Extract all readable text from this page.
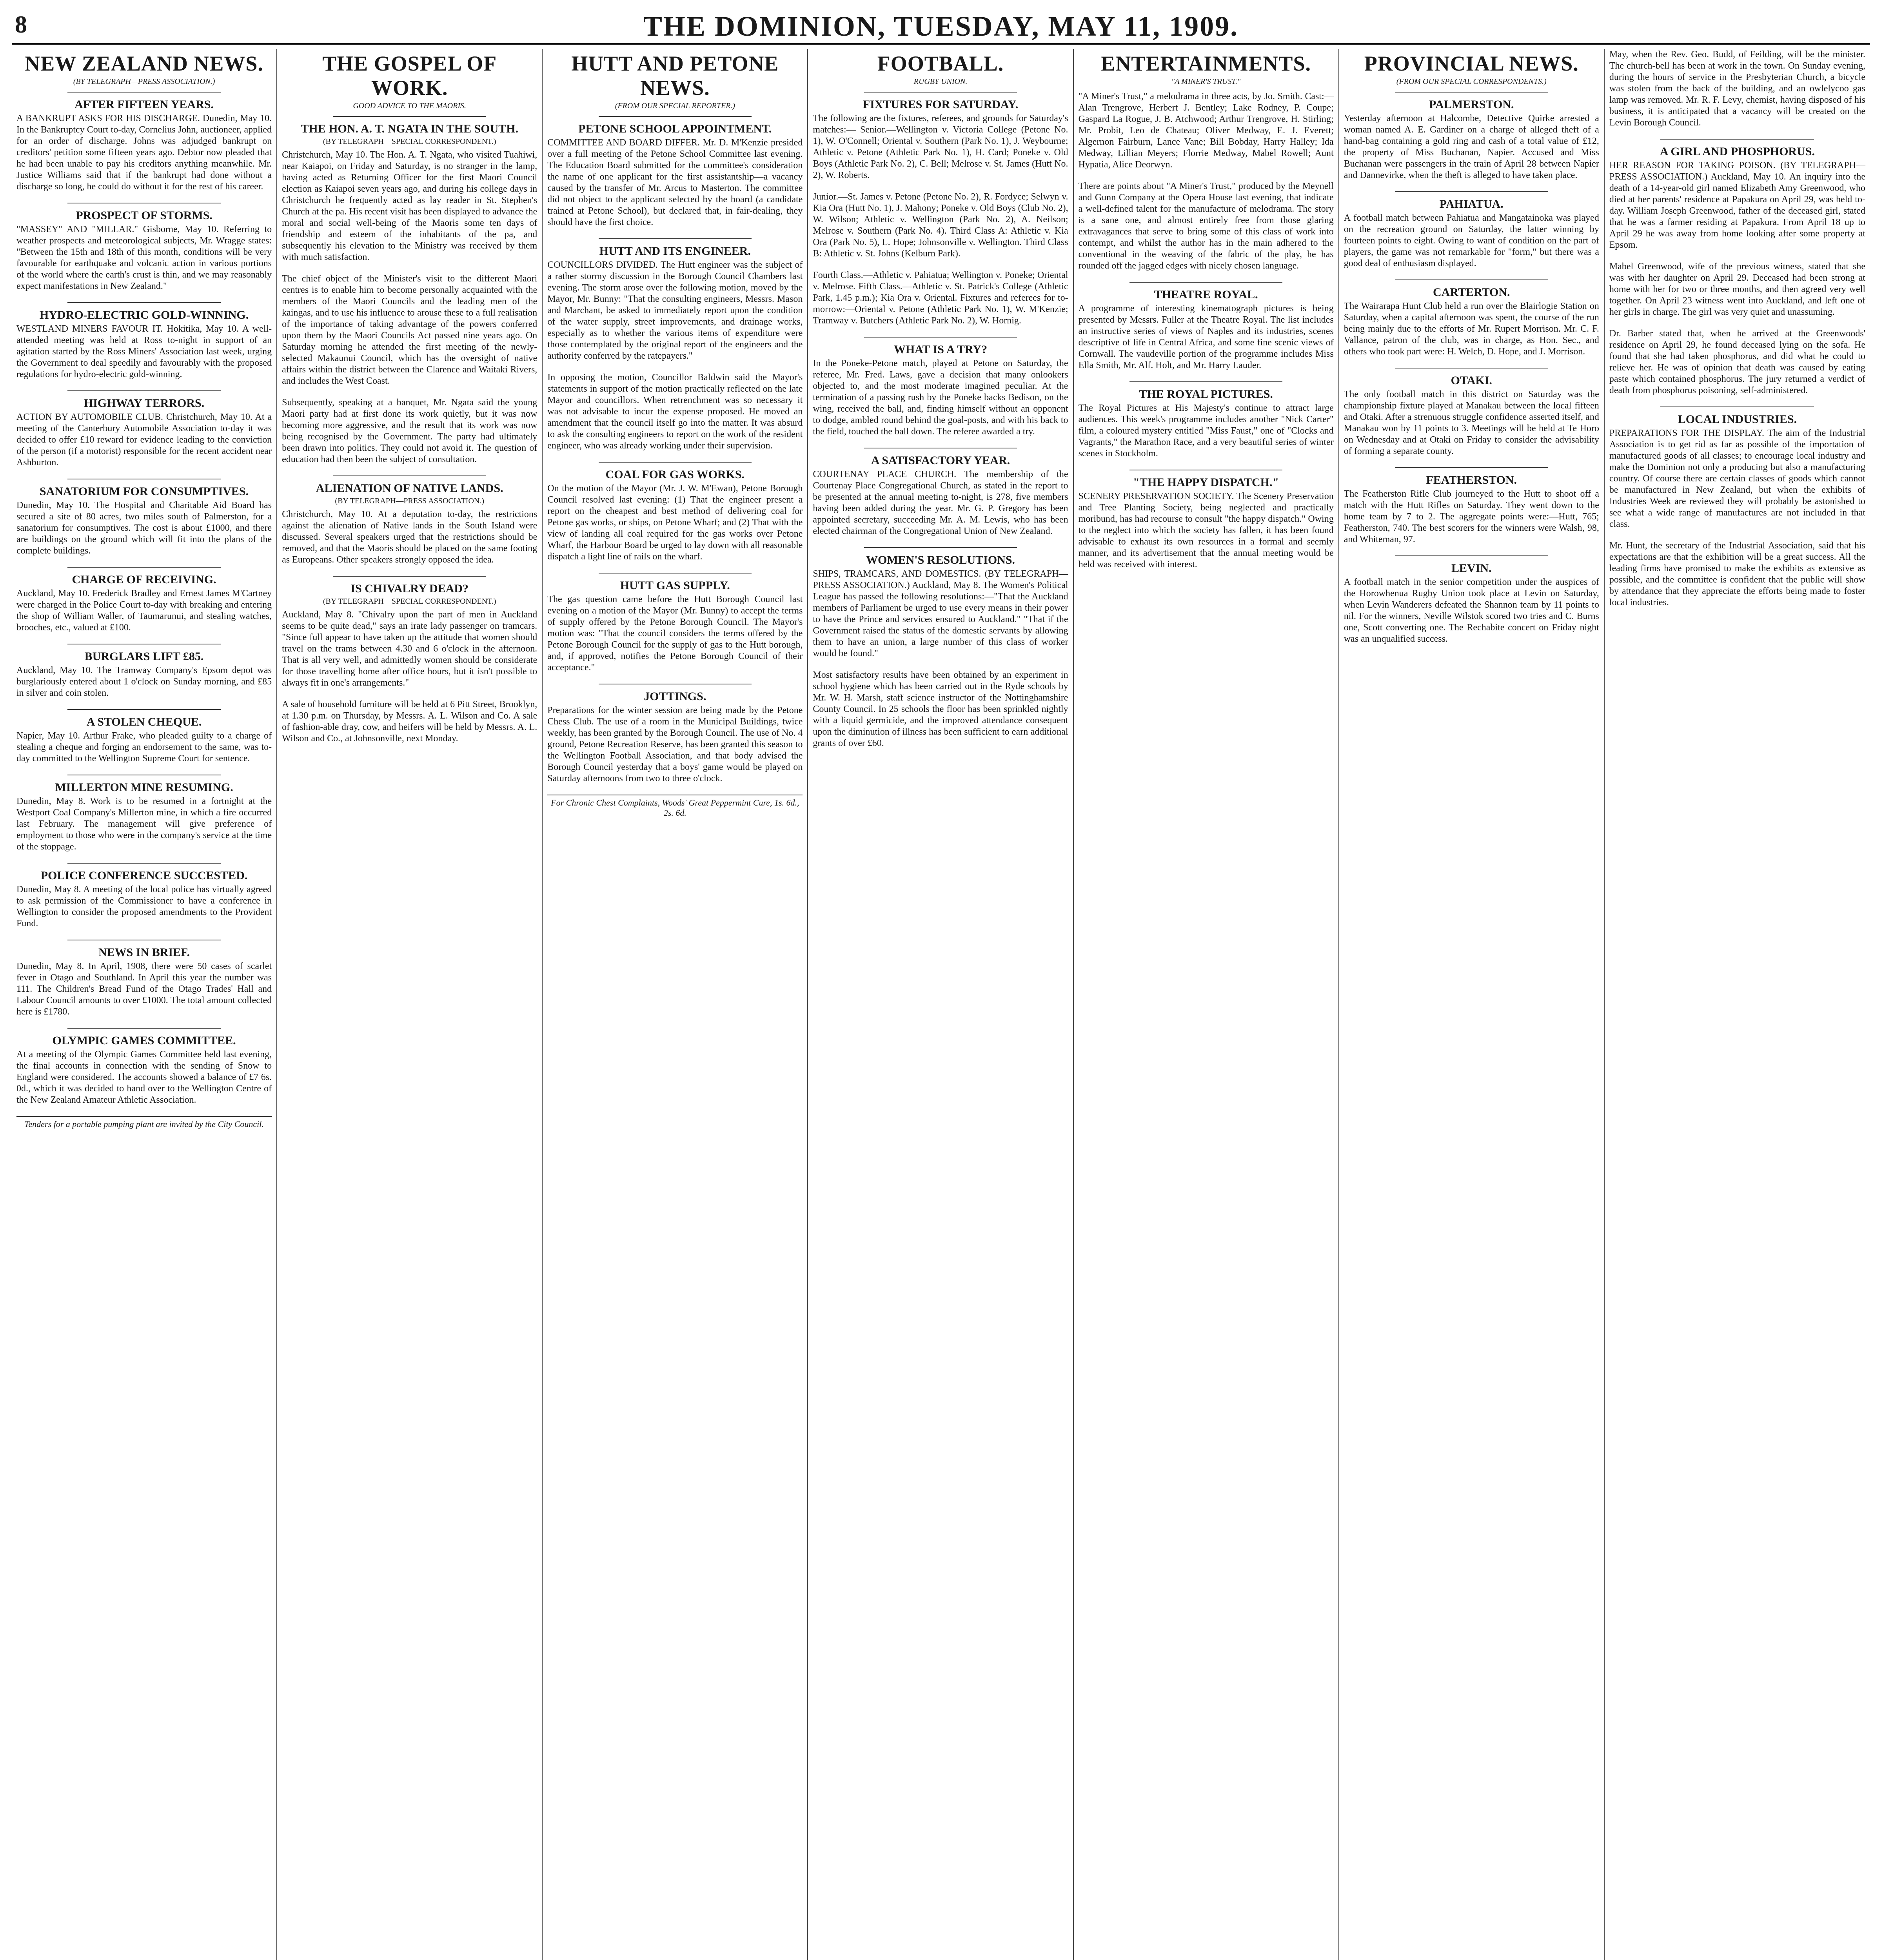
8	THE DOMINION, TUESDAY, MAY 11, 1909.
NEW ZEALAND NEWS.
(BY TELEGRAPH—PRESS ASSOCIATION.)
AFTER FIFTEEN YEARS.

A BANKRUPT ASKS FOR HIS DISCHARGE. Dunedin, May 10. In the Bankruptcy Court to-day, Cornelius John, auctioneer, applied for an order of discharge. Johns was adjudged bankrupt on creditors' petition some fifteen years ago. Debtor now pleaded that he had been unable to pay his creditors anything meanwhile. Mr. Justice Williams said that if the bankrupt had done without a discharge so long, he could do without it for the rest of his career.

PROSPECT OF STORMS.

"MASSEY" AND "MILLAR." Gisborne, May 10. Referring to weather prospects and meteorological subjects, Mr. Wragge states: "Between the 15th and 18th of this month, conditions will be very favourable for earthquake and volcanic action in various portions of the world where the earth's crust is thin, and we may reasonably expect manifestations in New Zealand."

HYDRO-ELECTRIC GOLD-WINNING.

WESTLAND MINERS FAVOUR IT. Hokitika, May 10. A well-attended meeting was held at Ross to-night in support of an agitation started by the Ross Miners' Association last week, urging the Government to deal speedily and favourably with the proposed regulations for hydro-electric gold-winning.

HIGHWAY TERRORS.

ACTION BY AUTOMOBILE CLUB. Christchurch, May 10. At a meeting of the Canterbury Automobile Association to-day it was decided to offer £10 reward for evidence leading to the conviction of the person (if a motorist) responsible for the recent accident near Ashburton.

SANATORIUM FOR CONSUMPTIVES.

Dunedin, May 10. The Hospital and Charitable Aid Board has secured a site of 80 acres, two miles south of Palmerston, for a sanatorium for consumptives. The cost is about £1000, and there are buildings on the ground which will fit into the plans of the complete buildings.

CHARGE OF RECEIVING.

Auckland, May 10. Frederick Bradley and Ernest James M'Cartney were charged in the Police Court to-day with breaking and entering the shop of William Waller, of Taumarunui, and stealing watches, brooches, etc., valued at £100.

BURGLARS LIFT £85.

Auckland, May 10. The Tramway Company's Epsom depot was burglariously entered about 1 o'clock on Sunday morning, and £85 in silver and coin stolen.

A STOLEN CHEQUE.

Napier, May 10. Arthur Frake, who pleaded guilty to a charge of stealing a cheque and forging an endorsement to the same, was to-day committed to the Wellington Supreme Court for sentence.

MILLERTON MINE RESUMING.

Dunedin, May 8. Work is to be resumed in a fortnight at the Westport Coal Company's Millerton mine, in which a fire occurred last February. The management will give preference of employment to those who were in the company's service at the time of the stoppage.

POLICE CONFERENCE SUCCESTED.

Dunedin, May 8. A meeting of the local police has virtually agreed to ask permission of the Commissioner to have a conference in Wellington to consider the proposed amendments to the Provident Fund.

NEWS IN BRIEF.

Dunedin, May 8. In April, 1908, there were 50 cases of scarlet fever in Otago and Southland. In April this year the number was 111. The Children's Bread Fund of the Otago Trades' Hall and Labour Council amounts to over £1000. The total amount collected here is £1780.

OLYMPIC GAMES COMMITTEE.

At a meeting of the Olympic Games Committee held last evening, the final accounts in connection with the sending of Snow to England were considered. The accounts showed a balance of £7 6s. 0d., which it was decided to hand over to the Wellington Centre of the New Zealand Amateur Athletic Association.

Tenders for a portable pumping plant are invited by the City Council.
THE GOSPEL OF WORK.
GOOD ADVICE TO THE MAORIS.
THE HON. A. T. NGATA IN THE SOUTH.
(BY TELEGRAPH—SPECIAL CORRESPONDENT.)

Christchurch, May 10. The Hon. A. T. Ngata, who visited Tuahiwi, near Kaiapoi, on Friday and Saturday, is no stranger in the lamp, having acted as Returning Officer for the first Maori Council election as Kaiapoi seven years ago, and during his college days in Christchurch he frequently acted as lay reader in St. Stephen's Church at the pa. His recent visit has been displayed to advance the moral and social well-being of the Maoris some ten days of friendship and esteem of the inhabitants of the pa, and subsequently his elevation to the Ministry was received by them with much satisfaction.

The chief object of the Minister's visit to the different Maori centres is to enable him to become personally acquainted with the members of the Maori Councils and the leading men of the kaingas, and to use his influence to arouse these to a full realisation of the importance of taking advantage of the powers conferred upon them by the Maori Councils Act passed nine years ago. On Saturday morning he attended the first meeting of the newly-selected Makaunui Council, which has the oversight of native affairs within the district between the Clarence and Waitaki Rivers, and includes the West Coast.

Subsequently, speaking at a banquet, Mr. Ngata said the young Maori party had at first done its work quietly, but it was now becoming more aggressive, and the result that its work was now being recognised by the Government. The party had ultimately been drawn into politics. They could not avoid it. The question of education had then been the subject of consultation.

ALIENATION OF NATIVE LANDS.
(BY TELEGRAPH—PRESS ASSOCIATION.)

Christchurch, May 10. At a deputation to-day, the restrictions against the alienation of Native lands in the South Island were discussed. Several speakers urged that the restrictions should be removed, and that the Maoris should be placed on the same footing as Europeans. Other speakers strongly opposed the idea.

IS CHIVALRY DEAD?
(BY TELEGRAPH—SPECIAL CORRESPONDENT.)

Auckland, May 8. "Chivalry upon the part of men in Auckland seems to be quite dead," says an irate lady passenger on tramcars. "Since full appear to have taken up the attitude that women should travel on the trams between 4.30 and 6 o'clock in the afternoon. That is all very well, and admittedly women should be considerate for those travelling home after office hours, but it isn't possible to always fit in one's arrangements."

A sale of household furniture will be held at 6 Pitt Street, Brooklyn, at 1.30 p.m. on Thursday, by Messrs. A. L. Wilson and Co. A sale of fashion-able dray, cow, and heifers will be held by Messrs. A. L. Wilson and Co., at Johnsonville, next Monday.

HUTT AND PETONE NEWS.
(FROM OUR SPECIAL REPORTER.)
PETONE SCHOOL APPOINTMENT.

COMMITTEE AND BOARD DIFFER. Mr. D. M'Kenzie presided over a full meeting of the Petone School Committee last evening. The Education Board submitted for the committee's consideration the name of one applicant for the first assistantship—a vacancy caused by the transfer of Mr. Arcus to Masterton. The committee did not object to the applicant selected by the board (a candidate trained at Petone School), but declared that, in fair-dealing, they should have the first choice.

HUTT AND ITS ENGINEER.

COUNCILLORS DIVIDED. The Hutt engineer was the subject of a rather stormy discussion in the Borough Council Chambers last evening. The storm arose over the following motion, moved by the Mayor, Mr. Bunny: "That the consulting engineers, Messrs. Mason and Marchant, be asked to immediately report upon the condition of the water supply, street improvements, and drainage works, especially as to whether the various items of expenditure were those contemplated by the original report of the engineers and the authority conferred by the ratepayers."

In opposing the motion, Councillor Baldwin said the Mayor's statements in support of the motion practically reflected on the late Mayor and councillors. When retrenchment was so necessary it was not advisable to incur the expense proposed. He moved an amendment that the council itself go into the matter. It was absurd to ask the consulting engineers to report on the work of the resident engineer, who was already working under their supervision.

COAL FOR GAS WORKS.

On the motion of the Mayor (Mr. J. W. M'Ewan), Petone Borough Council resolved last evening: (1) That the engineer present a report on the cheapest and best method of delivering coal for Petone gas works, or ships, on Petone Wharf; and (2) That with the view of landing all coal required for the gas works over Petone Wharf, the Harbour Board be urged to lay down with all reasonable dispatch a light line of rails on the wharf.

HUTT GAS SUPPLY.

The gas question came before the Hutt Borough Council last evening on a motion of the Mayor (Mr. Bunny) to accept the terms of supply offered by the Petone Borough Council. The Mayor's motion was: "That the council considers the terms offered by the Petone Borough Council for the supply of gas to the Hutt borough, and, if approved, notifies the Petone Borough Council of their acceptance."

JOTTINGS.

Preparations for the winter session are being made by the Petone Chess Club. The use of a room in the Municipal Buildings, twice weekly, has been granted by the Borough Council. The use of No. 4 ground, Petone Recreation Reserve, has been granted this season to the Wellington Football Association, and that body advised the Borough Council yesterday that a boys' game would be played on Saturday afternoons from two to three o'clock.

For Chronic Chest Complaints, Woods' Great Peppermint Cure, 1s. 6d., 2s. 6d.
FOOTBALL.
RUGBY UNION.
FIXTURES FOR SATURDAY.

The following are the fixtures, referees, and grounds for Saturday's matches:— Senior.—Wellington v. Victoria College (Petone No. 1), W. O'Connell; Oriental v. Southern (Park No. 1), J. Weybourne; Athletic v. Petone (Athletic Park No. 1), H. Card; Poneke v. Old Boys (Athletic Park No. 2), C. Bell; Melrose v. St. James (Hutt No. 2), W. Roberts.

Junior.—St. James v. Petone (Petone No. 2), R. Fordyce; Selwyn v. Kia Ora (Hutt No. 1), J. Mahony; Poneke v. Old Boys (Club No. 2), W. Wilson; Athletic v. Wellington (Park No. 2), A. Neilson; Melrose v. Southern (Park No. 4). Third Class A: Athletic v. Kia Ora (Park No. 5), L. Hope; Johnsonville v. Wellington. Third Class B: Athletic v. St. Johns (Kelburn Park).

Fourth Class.—Athletic v. Pahiatua; Wellington v. Poneke; Oriental v. Melrose. Fifth Class.—Athletic v. St. Patrick's College (Athletic Park, 1.45 p.m.); Kia Ora v. Oriental. Fixtures and referees for to-morrow:—Oriental v. Petone (Athletic Park No. 1), W. M'Kenzie; Tramway v. Butchers (Athletic Park No. 2), W. Hornig.

WHAT IS A TRY?

In the Poneke-Petone match, played at Petone on Saturday, the referee, Mr. Fred. Laws, gave a decision that many onlookers objected to, and the most moderate imagined peculiar. At the termination of a passing rush by the Poneke backs Bedison, on the wing, received the ball, and, finding himself without an opponent to dodge, ambled round behind the goal-posts, and with his back to the field, touched the ball down. The referee awarded a try.

A SATISFACTORY YEAR.

COURTENAY PLACE CHURCH. The membership of the Courtenay Place Congregational Church, as stated in the report to be presented at the annual meeting to-night, is 278, five members having been added during the year. Mr. G. P. Gregory has been appointed secretary, succeeding Mr. A. M. Lewis, who has been elected chairman of the Congregational Union of New Zealand.

WOMEN'S RESOLUTIONS.

SHIPS, TRAMCARS, AND DOMESTICS. (BY TELEGRAPH—PRESS ASSOCIATION.) Auckland, May 8. The Women's Political League has passed the following resolutions:—"That the Auckland members of Parliament be urged to use every means in their power to have the Prince and services ensured to Auckland." "That if the Government raised the status of the domestic servants by allowing them to have an union, a large number of this class of worker would be found."

Most satisfactory results have been obtained by an experiment in school hygiene which has been carried out in the Ryde schools by Mr. W. H. Marsh, staff science instructor of the Nottinghamshire County Council. In 25 schools the floor has been sprinkled nightly with a liquid germicide, and the improved attendance consequent upon the diminution of illness has been sufficient to earn additional grants of over £60.

ENTERTAINMENTS.
"A MINER'S TRUST."

"A Miner's Trust," a melodrama in three acts, by Jo. Smith. Cast:— Alan Trengrove, Herbert J. Bentley; Lake Rodney, P. Coupe; Gaspard La Rogue, J. B. Atchwood; Arthur Trengrove, H. Stirling; Mr. Probit, Leo de Chateau; Oliver Medway, E. J. Everett; Algernon Fairburn, Lance Vane; Bill Bobday, Harry Halley; Ida Medway, Lillian Meyers; Florrie Medway, Mabel Rowell; Aunt Hypatia, Alice Deorwyn.

There are points about "A Miner's Trust," produced by the Meynell and Gunn Company at the Opera House last evening, that indicate a well-defined talent for the manufacture of melodrama. The story is a sane one, and almost entirely free from those glaring extravagances that serve to bring some of this class of work into contempt, and whilst the author has in the main adhered to the conventional in the weaving of the fabric of the play, he has rounded off the jagged edges with nicely chosen language.

THEATRE ROYAL.

A programme of interesting kinematograph pictures is being presented by Messrs. Fuller at the Theatre Royal. The list includes an instructive series of views of Naples and its industries, scenes descriptive of life in Central Africa, and some fine scenic views of Cornwall. The vaudeville portion of the programme includes Miss Ella Smith, Mr. Alf. Holt, and Mr. Harry Lauder.

THE ROYAL PICTURES.

The Royal Pictures at His Majesty's continue to attract large audiences. This week's programme includes another "Nick Carter" film, a coloured mystery entitled "Miss Faust," one of "Clocks and Vagrants," the Marathon Race, and a very beautiful series of winter scenes in Stockholm.

"THE HAPPY DISPATCH."

SCENERY PRESERVATION SOCIETY. The Scenery Preservation and Tree Planting Society, being neglected and practically moribund, has had recourse to consult "the happy dispatch." Owing to the neglect into which the society has fallen, it has been found advisable to exhaust its own resources in a formal and seemly manner, and its advertisement that the annual meeting would be held was received with interest.

PROVINCIAL NEWS.
(FROM OUR SPECIAL CORRESPONDENTS.)
PALMERSTON.

Yesterday afternoon at Halcombe, Detective Quirke arrested a woman named A. E. Gardiner on a charge of alleged theft of a hand-bag containing a gold ring and cash of a total value of £12, the property of Miss Buchanan, Napier. Accused and Miss Buchanan were passengers in the train of April 28 between Napier and Dannevirke, when the theft is alleged to have taken place.

PAHIATUA.

A football match between Pahiatua and Mangatainoka was played on the recreation ground on Saturday, the latter winning by fourteen points to eight. Owing to want of condition on the part of players, the game was not remarkable for "form," but there was a good deal of enthusiasm displayed.

CARTERTON.

The Wairarapa Hunt Club held a run over the Blairlogie Station on Saturday, when a capital afternoon was spent, the course of the run being mainly due to the efforts of Mr. Rupert Morrison. Mr. C. F. Vallance, patron of the club, was in charge, as Hon. Sec., and others who took part were: H. Welch, D. Hope, and J. Morrison.

OTAKI.

The only football match in this district on Saturday was the championship fixture played at Manakau between the local fifteen and Otaki. After a strenuous struggle confidence asserted itself, and Manakau won by 11 points to 3. Meetings will be held at Te Horo on Wednesday and at Otaki on Friday to consider the advisability of forming a separate county.

FEATHERSTON.

The Featherston Rifle Club journeyed to the Hutt to shoot off a match with the Hutt Rifles on Saturday. They went down to the home team by 7 to 2. The aggregate points were:—Hutt, 765; Featherston, 740. The best scorers for the winners were Walsh, 98, and Whiteman, 97.

LEVIN.

A football match in the senior competition under the auspices of the Horowhenua Rugby Union took place at Levin on Saturday, when Levin Wanderers defeated the Shannon team by 11 points to nil. For the winners, Neville Wilstok scored two tries and C. Burns one, Scott converting one. The Rechabite concert on Friday night was an unqualified success.

May, when the Rev. Geo. Budd, of Feilding, will be the minister. The church-bell has been at work in the town. On Sunday evening, during the hours of service in the Presbyterian Church, a bicycle was stolen from the back of the building, and an owlelycoo gas lamp was removed. Mr. R. F. Levy, chemist, having disposed of his business, it is anticipated that a vacancy will be created on the Levin Borough Council.

A GIRL AND PHOSPHORUS.

HER REASON FOR TAKING POISON. (BY TELEGRAPH—PRESS ASSOCIATION.) Auckland, May 10. An inquiry into the death of a 14-year-old girl named Elizabeth Amy Greenwood, who died at her parents' residence at Papakura on April 29, was held to-day. William Joseph Greenwood, father of the deceased girl, stated that he was a farmer residing at Papakura. From April 18 up to April 29 he was away from home looking after some property at Epsom.

Mabel Greenwood, wife of the previous witness, stated that she was with her daughter on April 29. Deceased had been strong at home with her for two or three months, and then agreed very well together. On April 23 witness went into Auckland, and left one of her girls in charge. The girl was very quiet and unassuming.

Dr. Barber stated that, when he arrived at the Greenwoods' residence on April 29, he found deceased lying on the sofa. He found that she had taken phosphorus, and did what he could to relieve her. He was of opinion that death was caused by eating paste which contained phosphorus. The jury returned a verdict of death from phosphorus poisoning, self-administered.

LOCAL INDUSTRIES.

PREPARATIONS FOR THE DISPLAY. The aim of the Industrial Association is to get rid as far as possible of the importation of manufactured goods of all classes; to encourage local industry and make the Dominion not only a producing but also a manufacturing country. Of course there are certain classes of goods which cannot be manufactured in New Zealand, but when the exhibits of Industries Week are reviewed they will probably be astonished to see what a wide range of manufactures are not included in that class.

Mr. Hunt, the secretary of the Industrial Association, said that his expectations are that the exhibition will be a great success. All the leading firms have promised to make the exhibits as extensive as possible, and the committee is confident that the public will show by attendance that they appreciate the efforts being made to foster local industries.
